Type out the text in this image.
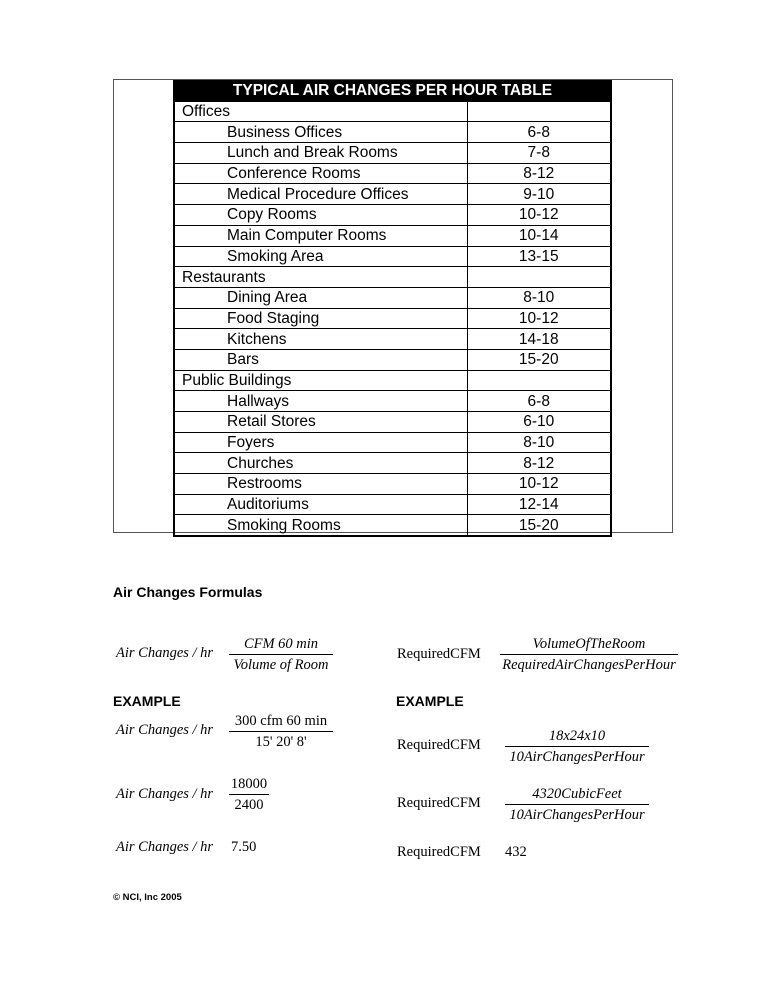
TYPICAL AIR CHANGES PER HOUR TABLE	
Offices	
Business Offices	6-8
Lunch and Break Rooms	7-8
Conference Rooms	8-12
Medical Procedure Offices	9-10
Copy Rooms	10-12
Main Computer Rooms	10-14
Smoking Area	13-15
Restaurants	
Dining Area	8-10
Food Staging	10-12
Kitchens	14-18
Bars	15-20
Public Buildings	
Hallways	6-8
Retail Stores	6-10
Foyers	8-10
Churches	8-12
Restrooms	10-12
Auditoriums	12-14
Smoking Rooms	15-20
Air Changes Formulas
Air Changes / hr
CFM 60 min
Volume of Room
RequiredCFM
VolumeOfTheRoom
RequiredAirChangesPerHour
EXAMPLE	EXAMPLE
Air Changes / hr
300 cfm 60 min
15' 20' 8'
Air Changes / hr
18000
2400
Air Changes / hr 7.50
RequiredCFM
18x24x10
10AirChangesPerHour
RequiredCFM
4320CubicFeet
10AirChangesPerHour
RequiredCFM 432
© NCI, Inc 2005
